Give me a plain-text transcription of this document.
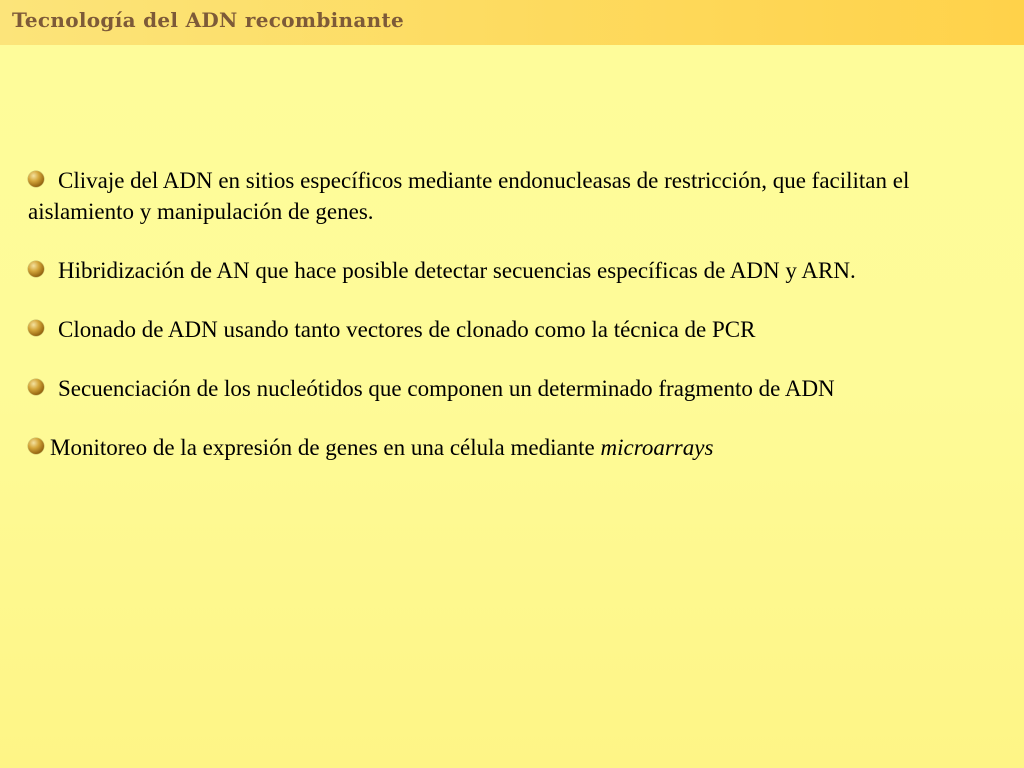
Tecnología del ADN recombinante
Clivaje del ADN en sitios específicos mediante endonucleasas de restricción, que facilitan el aislamiento y manipulación de genes.
Hibridización de AN que hace posible detectar secuencias específicas de ADN y ARN.
Clonado de ADN usando tanto vectores de clonado como la técnica de PCR
Secuenciación de los nucleótidos que componen un determinado fragmento de ADN
Monitoreo de la expresión de genes en una célula mediante microarrays
